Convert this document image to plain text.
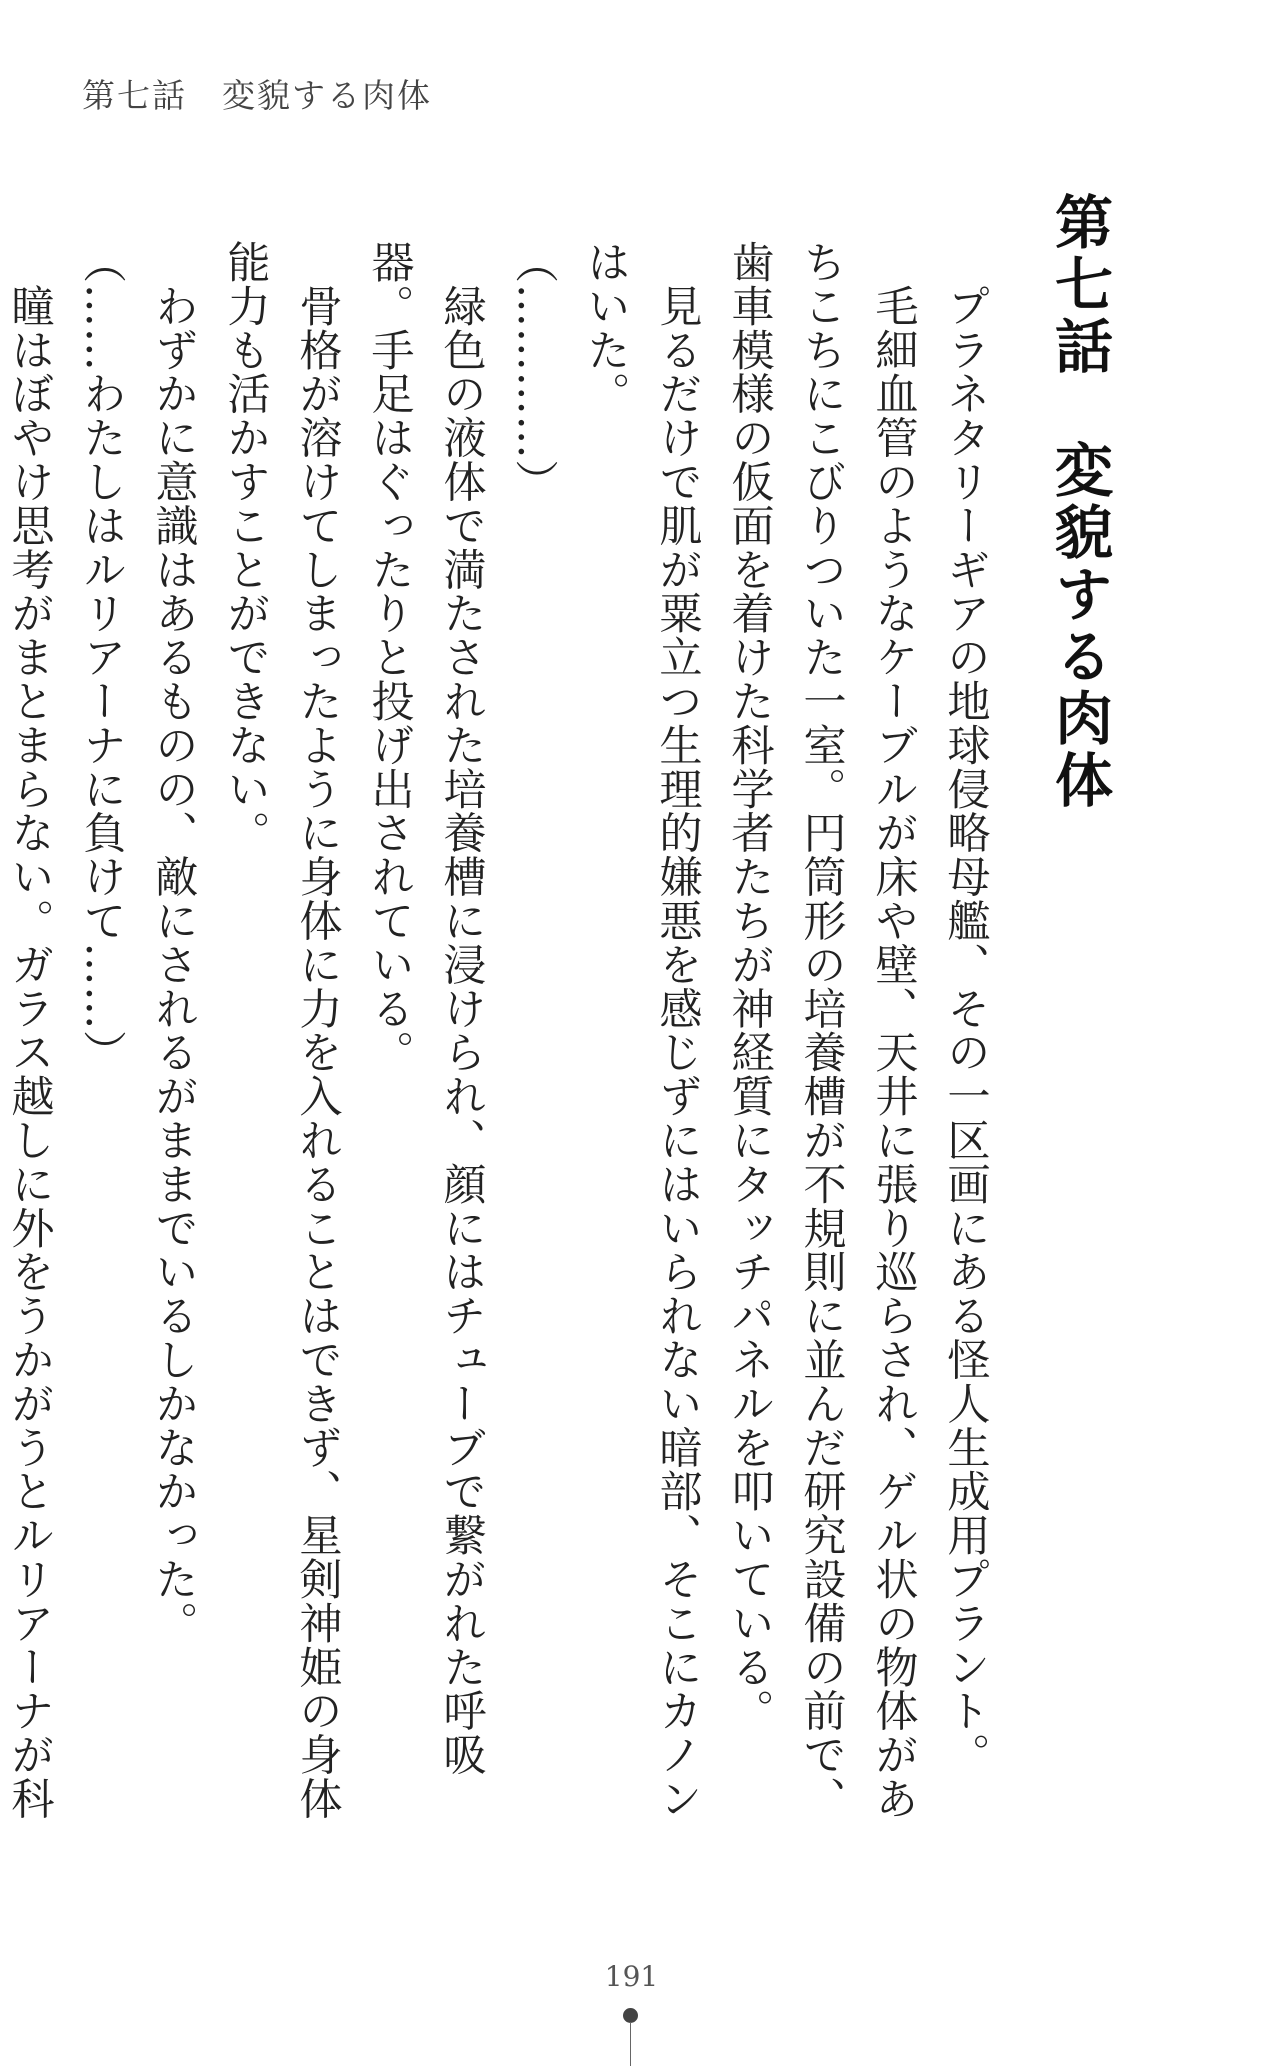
第七話　変貌する肉体
第七話　変貌する肉体

　プラネタリーギアの地球侵略母艦、その一区画にある怪人生成用プラント。

　毛細血管のようなケーブルが床や壁、天井に張り巡らされ、ゲル状の物体があちこちにこびりついた一室。円筒形の培養槽が不規則に並んだ研究設備の前で、歯車模様の仮面を着けた科学者たちが神経質にタッチパネルを叩いている。

　見るだけで肌が粟立つ生理的嫌悪を感じずにはいられない暗部、そこにカノンはいた。

（…………）

　緑色の液体で満たされた培養槽に浸けられ、顔にはチューブで繋がれた呼吸器。手足はぐったりと投げ出されている。

　骨格が溶けてしまったように身体に力を入れることはできず、星剣神姫の身体能力も活かすことができない。

　わずかに意識はあるものの、敵にされるがままでいるしかなかった。

（……わたしはルリアーナに負けて……）

　瞳はぼやけ思考がまとまらない。ガラス越しに外をうかがうとルリアーナが科

191
